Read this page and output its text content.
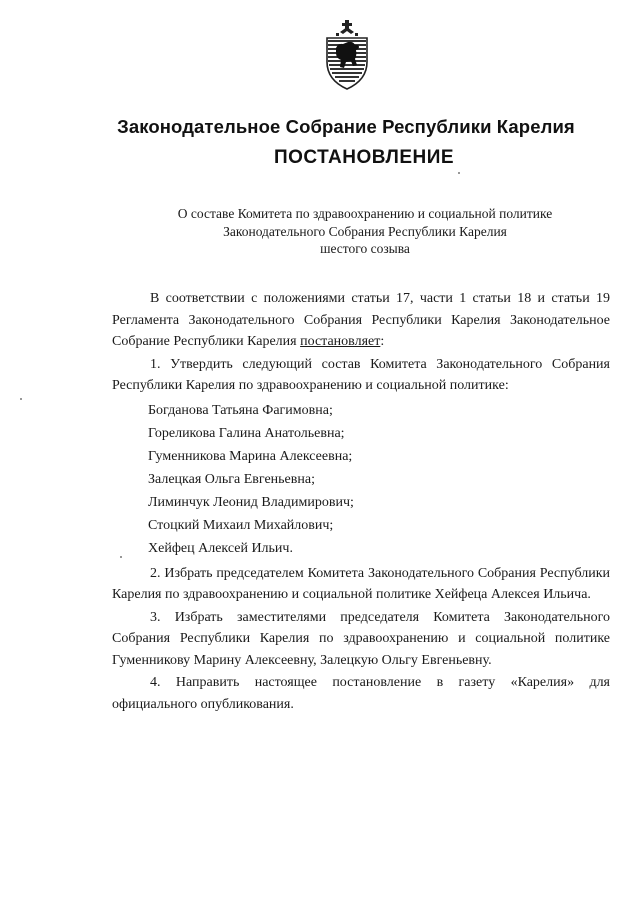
Законодательное Собрание Республики Карелия
ПОСТАНОВЛЕНИЕ
О составе Комитета по здравоохранению и социальной политике
Законодательного Собрания Республики Карелия
шестого созыва

В соответствии с положениями статьи 17, части 1 статьи 18 и статьи 19 Регламента Законодательного Собрания Республики Карелия Законодательное Собрание Республики Карелия постановляет:

1. Утвердить следующий состав Комитета Законодательного Собрания Республики Карелия по здравоохранению и социальной политике:

Богданова Татьяна Фагимовна;
Гореликова Галина Анатольевна;
Гуменникова Марина Алексеевна;
Залецкая Ольга Евгеньевна;
Лиминчук Леонид Владимирович;
Стоцкий Михаил Михайлович;
Хейфец Алексей Ильич.

2. Избрать председателем Комитета Законодательного Собрания Республики Карелия по здравоохранению и социальной политике Хейфеца Алексея Ильича.

3. Избрать заместителями председателя Комитета Законодательного Собрания Республики Карелия по здравоохранению и социальной политике Гуменникову Марину Алексеевну, Залецкую Ольгу Евгеньевну.

4. Направить настоящее постановление в газету «Карелия» для официального опубликования.
